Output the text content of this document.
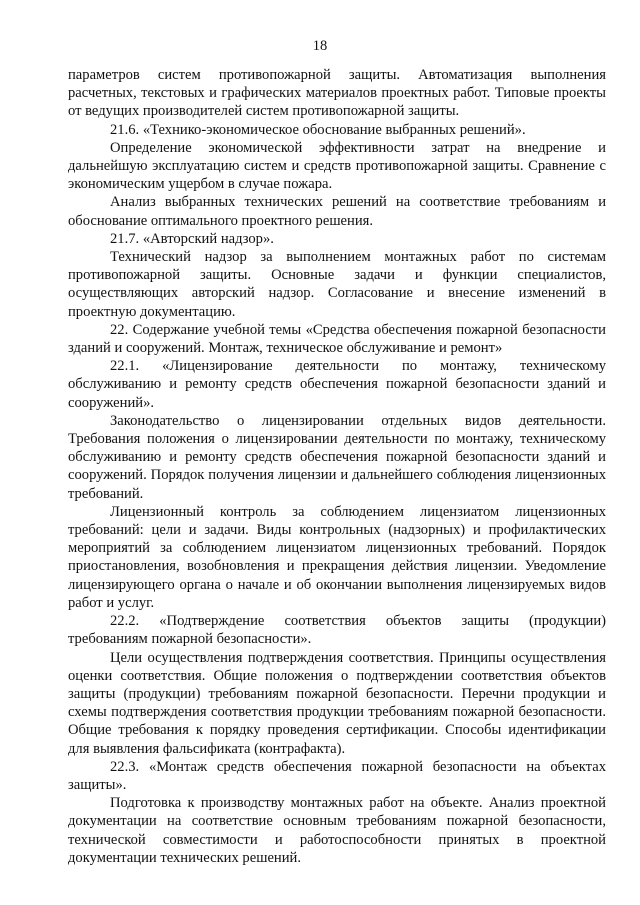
18

параметров систем противопожарной защиты. Автоматизация выполнения расчетных, текстовых и графических материалов проектных работ. Типовые проекты от ведущих производителей систем противопожарной защиты.

21.6. «Технико-экономическое обоснование выбранных решений».

Определение экономической эффективности затрат на внедрение и дальнейшую эксплуатацию систем и средств противопожарной защиты. Сравнение с экономическим ущербом в случае пожара.

Анализ выбранных технических решений на соответствие требованиям и обоснование оптимального проектного решения.

21.7. «Авторский надзор».

Технический надзор за выполнением монтажных работ по системам противопожарной защиты. Основные задачи и функции специалистов, осуществляющих авторский надзор. Согласование и внесение изменений в проектную документацию.

22. Содержание учебной темы «Средства обеспечения пожарной безопасности зданий и сооружений. Монтаж, техническое обслуживание и ремонт»

22.1. «Лицензирование деятельности по монтажу, техническому обслуживанию и ремонту средств обеспечения пожарной безопасности зданий и сооружений».

Законодательство о лицензировании отдельных видов деятельности. Требования положения о лицензировании деятельности по монтажу, техническому обслуживанию и ремонту средств обеспечения пожарной безопасности зданий и сооружений. Порядок получения лицензии и дальнейшего соблюдения лицензионных требований.

Лицензионный контроль за соблюдением лицензиатом лицензионных требований: цели и задачи. Виды контрольных (надзорных) и профилактических мероприятий за соблюдением лицензиатом лицензионных требований. Порядок приостановления, возобновления и прекращения действия лицензии. Уведомление лицензирующего органа о начале и об окончании выполнения лицензируемых видов работ и услуг.

22.2. «Подтверждение соответствия объектов защиты (продукции) требованиям пожарной безопасности».

Цели осуществления подтверждения соответствия. Принципы осуществления оценки соответствия. Общие положения о подтверждении соответствия объектов защиты (продукции) требованиям пожарной безопасности. Перечни продукции и схемы подтверждения соответствия продукции требованиям пожарной безопасности. Общие требования к порядку проведения сертификации. Способы идентификации для выявления фальсификата (контрафакта).

22.3. «Монтаж средств обеспечения пожарной безопасности на объектах защиты».

Подготовка к производству монтажных работ на объекте. Анализ проектной документации на соответствие основным требованиям пожарной безопасности, технической совместимости и работоспособности принятых в проектной документации технических решений.
